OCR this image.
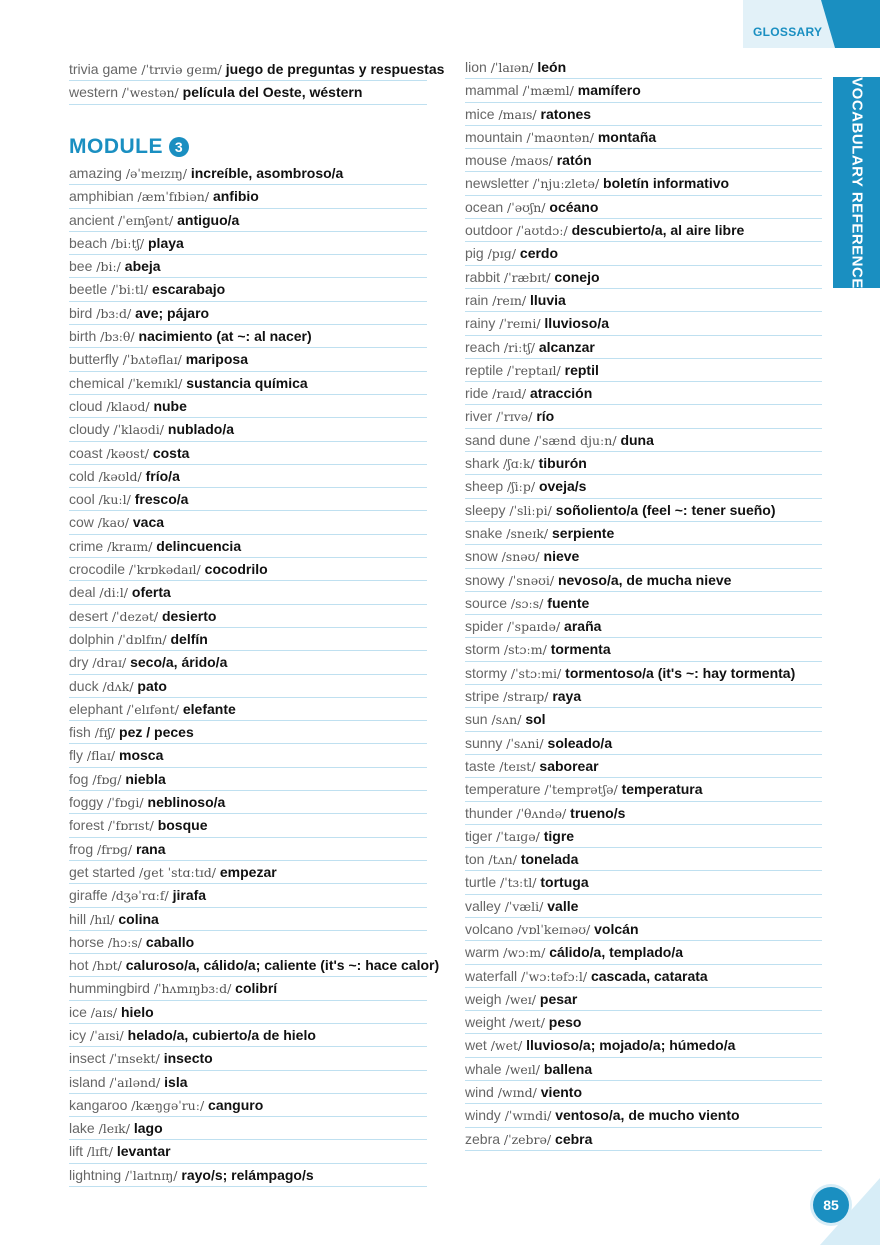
GLOSSARY
VOCABULARY REFERENCE
trivia game /ˈtrɪviə ɡeɪm/ juego de preguntas y respuestas
western /ˈwestən/ película del Oeste, wéstern
MODULE 3
amazing /əˈmeɪzɪŋ/ increíble, asombroso/a
amphibian /æmˈfɪbiən/ anfibio
ancient /ˈeɪnʃənt/ antiguo/a
beach /biːtʃ/ playa
bee /biː/ abeja
beetle /ˈbiːtl/ escarabajo
bird /bɜːd/ ave; pájaro
birth /bɜːθ/ nacimiento (at ~: al nacer)
butterfly /ˈbʌtəflaɪ/ mariposa
chemical /ˈkemɪkl/ sustancia química
cloud /klaʊd/ nube
cloudy /ˈklaʊdi/ nublado/a
coast /kəʊst/ costa
cold /kəʊld/ frío/a
cool /kuːl/ fresco/a
cow /kaʊ/ vaca
crime /kraɪm/ delincuencia
crocodile /ˈkrɒkədaɪl/ cocodrilo
deal /diːl/ oferta
desert /ˈdezət/ desierto
dolphin /ˈdɒlfɪn/ delfín
dry /draɪ/ seco/a, árido/a
duck /dʌk/ pato
elephant /ˈelɪfənt/ elefante
fish /fɪʃ/ pez / peces
fly /flaɪ/ mosca
fog /fɒɡ/ niebla
foggy /ˈfɒɡi/ neblinoso/a
forest /ˈfɒrɪst/ bosque
frog /frɒɡ/ rana
get started /ɡet ˈstɑːtɪd/ empezar
giraffe /dʒəˈrɑːf/ jirafa
hill /hɪl/ colina
horse /hɔːs/ caballo
hot /hɒt/ caluroso/a, cálido/a; caliente (it's ~: hace calor)
hummingbird /ˈhʌmɪŋbɜːd/ colibrí
ice /aɪs/ hielo
icy /ˈaɪsi/ helado/a, cubierto/a de hielo
insect /ˈɪnsekt/ insecto
island /ˈaɪlənd/ isla
kangaroo /kæŋɡəˈruː/ canguro
lake /leɪk/ lago
lift /lɪft/ levantar
lightning /ˈlaɪtnɪŋ/ rayo/s; relámpago/s
lion /ˈlaɪən/ león
mammal /ˈmæml/ mamífero
mice /maɪs/ ratones
mountain /ˈmaʊntən/ montaña
mouse /maʊs/ ratón
newsletter /ˈnjuːzletə/ boletín informativo
ocean /ˈəʊʃn/ océano
outdoor /ˈaʊtdɔː/ descubierto/a, al aire libre
pig /pɪɡ/ cerdo
rabbit /ˈræbɪt/ conejo
rain /reɪn/ lluvia
rainy /ˈreɪni/ lluvioso/a
reach /riːtʃ/ alcanzar
reptile /ˈreptaɪl/ reptil
ride /raɪd/ atracción
river /ˈrɪvə/ río
sand dune /ˈsænd djuːn/ duna
shark /ʃɑːk/ tiburón
sheep /ʃiːp/ oveja/s
sleepy /ˈsliːpi/ soñoliento/a (feel ~: tener sueño)
snake /sneɪk/ serpiente
snow /snəʊ/ nieve
snowy /ˈsnəʊi/ nevoso/a, de mucha nieve
source /sɔːs/ fuente
spider /ˈspaɪdə/ araña
storm /stɔːm/ tormenta
stormy /ˈstɔːmi/ tormentoso/a (it's ~: hay tormenta)
stripe /straɪp/ raya
sun /sʌn/ sol
sunny /ˈsʌni/ soleado/a
taste /teɪst/ saborear
temperature /ˈtemprətʃə/ temperatura
thunder /ˈθʌndə/ trueno/s
tiger /ˈtaɪɡə/ tigre
ton /tʌn/ tonelada
turtle /ˈtɜːtl/ tortuga
valley /ˈvæli/ valle
volcano /vɒlˈkeɪnəʊ/ volcán
warm /wɔːm/ cálido/a, templado/a
waterfall /ˈwɔːtəfɔːl/ cascada, catarata
weigh /weɪ/ pesar
weight /weɪt/ peso
wet /wet/ lluvioso/a; mojado/a; húmedo/a
whale /weɪl/ ballena
wind /wɪnd/ viento
windy /ˈwɪndi/ ventoso/a, de mucho viento
zebra /ˈzebrə/ cebra
85
